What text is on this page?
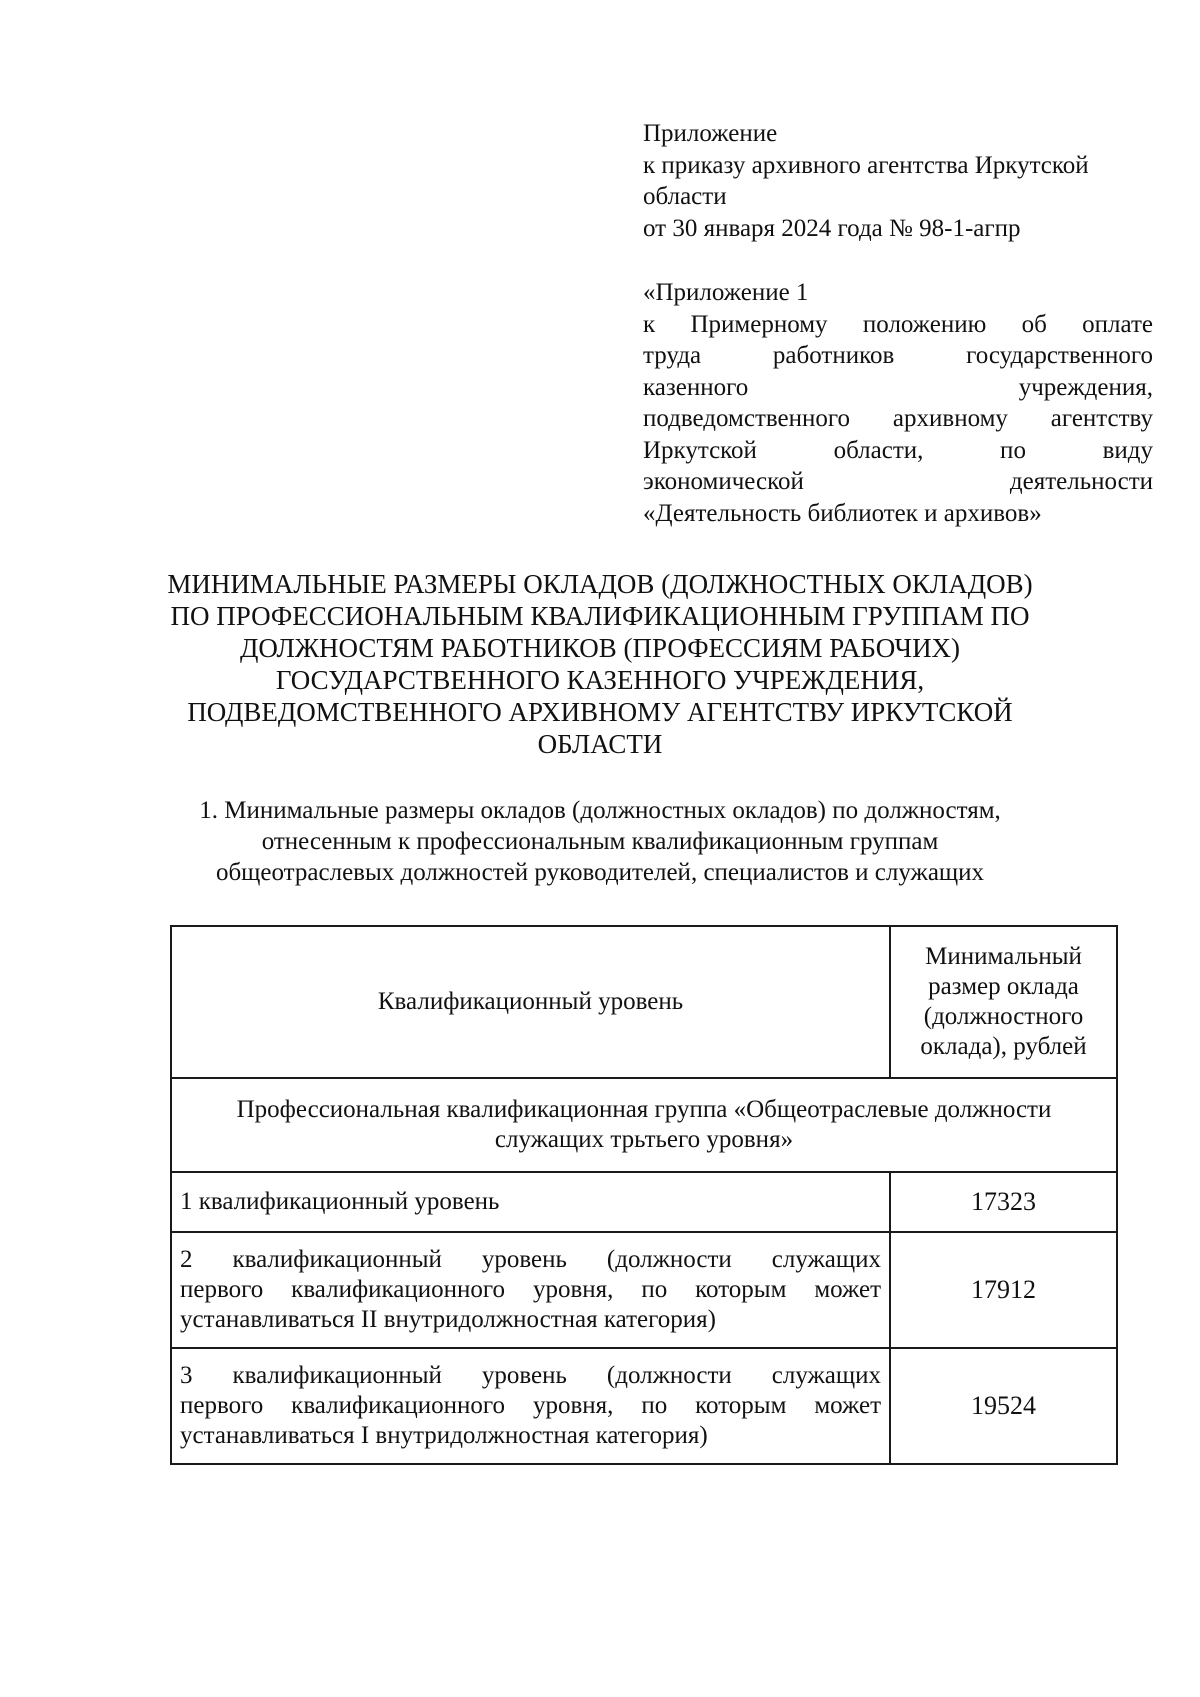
Приложение
к приказу архивного агентства Иркутской
области
от 30 января 2024 года № 98-1-агпр
«Приложение 1
к Примерному положению об оплате
труда работников государственного
казенного учреждения,
подведомственного архивному агентству
Иркутской области, по виду
экономической деятельности
«Деятельность библиотек и архивов»
МИНИМАЛЬНЫЕ РАЗМЕРЫ ОКЛАДОВ (ДОЛЖНОСТНЫХ ОКЛАДОВ)
ПО ПРОФЕССИОНАЛЬНЫМ КВАЛИФИКАЦИОННЫМ ГРУППАМ ПО
ДОЛЖНОСТЯМ РАБОТНИКОВ (ПРОФЕССИЯМ РАБОЧИХ)
ГОСУДАРСТВЕННОГО КАЗЕННОГО УЧРЕЖДЕНИЯ,
ПОДВЕДОМСТВЕННОГО АРХИВНОМУ АГЕНТСТВУ ИРКУТСКОЙ
ОБЛАСТИ
1. Минимальные размеры окладов (должностных окладов) по должностям,
отнесенным к профессиональным квалификационным группам
общеотраслевых должностей руководителей, специалистов и служащих
Квалификационный уровень	Минимальный
размер оклада
(должностного
оклада), рублей

Профессиональная квалификационная группа «Общеотраслевые должности
служащих трьтьего уровня»	

1 квалификационный уровень	17323

2 квалификационный уровень (должности служащих
первого квалификационного уровня, по которым может
устанавливаться II внутридолжностная категория)	17912

3 квалификационный уровень (должности служащих
первого квалификационного уровня, по которым может
устанавливаться I внутридолжностная категория)	19524
